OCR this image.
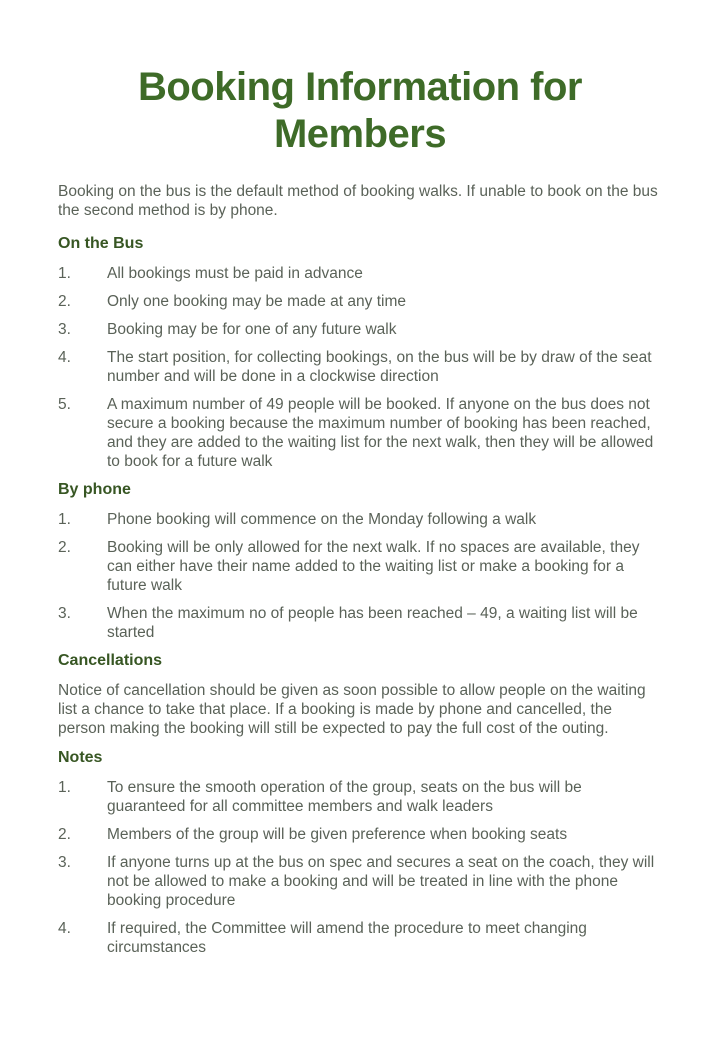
Booking Information for Members

Booking on the bus is the default method of booking walks. If unable to book on the bus the second method is by phone.

On the Bus
1.	All bookings must be paid in advance
2.	Only one booking may be made at any time
3.	Booking may be for one of any future walk
4.	The start position, for collecting bookings, on the bus will be by draw of the seat number and will be done in a clockwise direction
5.	A maximum number of 49 people will be booked. If anyone on the bus does not secure a booking because the maximum number of booking has been reached, and they are added to the waiting list for the next walk, then they will be allowed to book for a future walk
By phone
1.	Phone booking will commence on the Monday following a walk
2.	Booking will be only allowed for the next walk. If no spaces are available, they can either have their name added to the waiting list or make a booking for a future walk
3.	When the maximum no of people has been reached – 49, a waiting list will be started
Cancellations

Notice of cancellation should be given as soon possible to allow people on the waiting list a chance to take that place. If a booking is made by phone and cancelled, the person making the booking will still be expected to pay the full cost of the outing.

Notes
1.	To ensure the smooth operation of the group, seats on the bus will be guaranteed for all committee members and walk leaders
2.	Members of the group will be given preference when booking seats
3.	If anyone turns up at the bus on spec and secures a seat on the coach, they will not be allowed to make a booking and will be treated in line with the phone booking procedure
4.	If required, the Committee will amend the procedure to meet changing circumstances
